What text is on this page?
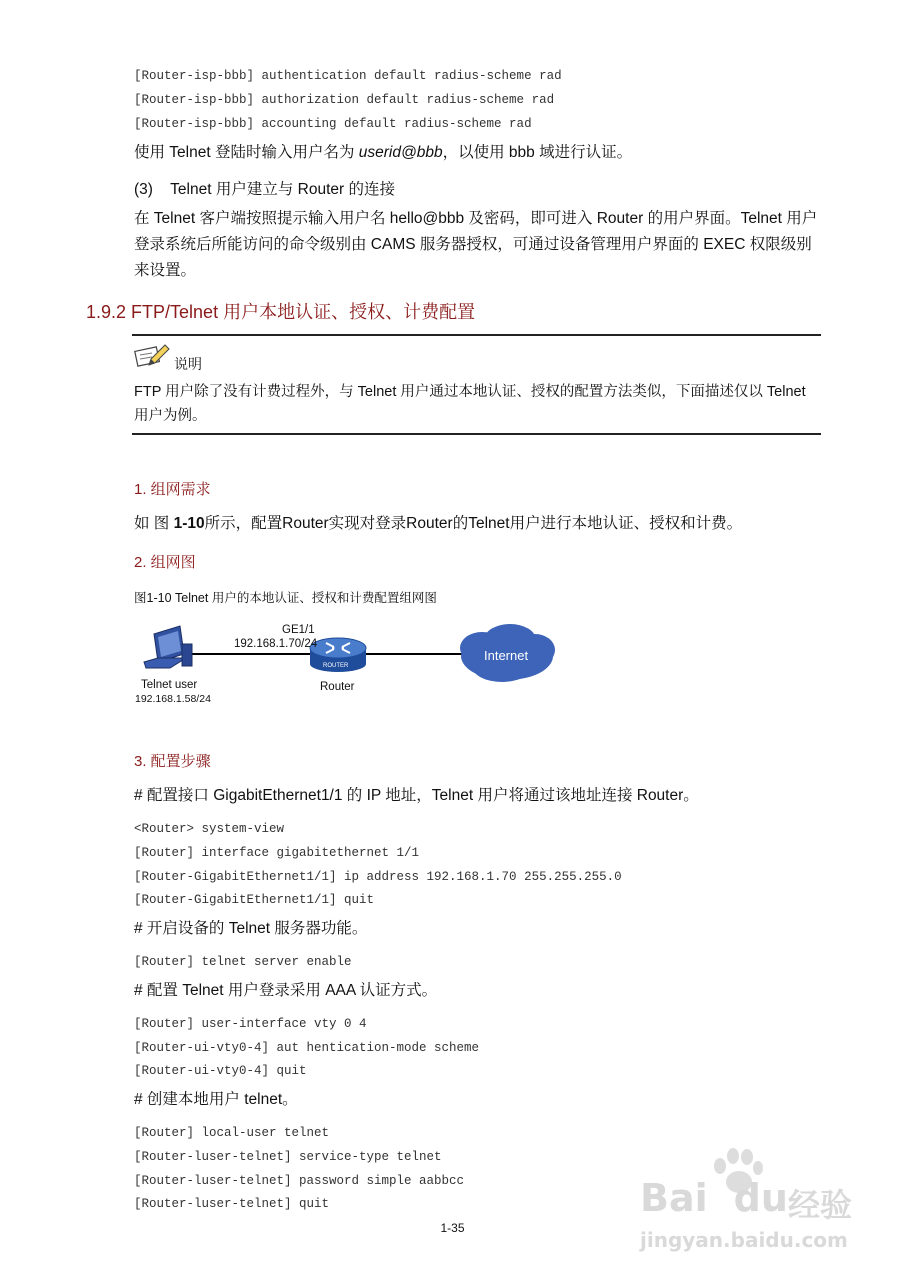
[Router-isp-bbb] authentication default radius-scheme rad
[Router-isp-bbb] authorization default radius-scheme rad
[Router-isp-bbb] accounting default radius-scheme rad
使用 Telnet 登陆时输入用户名为 userid@bbb，以使用 bbb 域进行认证。
(3)    Telnet 用户建立与 Router 的连接
在 Telnet 客户端按照提示输入用户名 hello@bbb 及密码，即可进入 Router 的用户界面。Telnet 用户登录系统后所能访问的命令级别由 CAMS 服务器授权，可通过设备管理用户界面的 EXEC 权限级别来设置。
1.9.2 FTP/Telnet 用户本地认证、授权、计费配置
说明
FTP 用户除了没有计费过程外，与 Telnet 用户通过本地认证、授权的配置方法类似，下面描述仅以 Telnet 用户为例。
1. 组网需求
如 图 1-10所示，配置Router实现对登录Router的Telnet用户进行本地认证、授权和计费。
2. 组网图
图1-10 Telnet 用户的本地认证、授权和计费配置组网图
GE1/1
192.168.1.70/24
ROUTER
Router
Internet
Telnet user
192.168.1.58/24
3. 配置步骤
# 配置接口 GigabitEthernet1/1 的 IP 地址，Telnet 用户将通过该地址连接 Router。
<Router> system-view
[Router] interface gigabitethernet 1/1
[Router-GigabitEthernet1/1] ip address 192.168.1.70 255.255.255.0
[Router-GigabitEthernet1/1] quit
# 开启设备的 Telnet 服务器功能。
[Router] telnet server enable
# 配置 Telnet 用户登录采用 AAA 认证方式。
[Router] user-interface vty 0 4
[Router-ui-vty0-4] aut hentication-mode scheme
[Router-ui-vty0-4] quit
# 创建本地用户 telnet。
[Router] local-user telnet
[Router-luser-telnet] service-type telnet
[Router-luser-telnet] password simple aabbcc
[Router-luser-telnet] quit
1-35
Bai du 经验
jingyan.baidu.com
